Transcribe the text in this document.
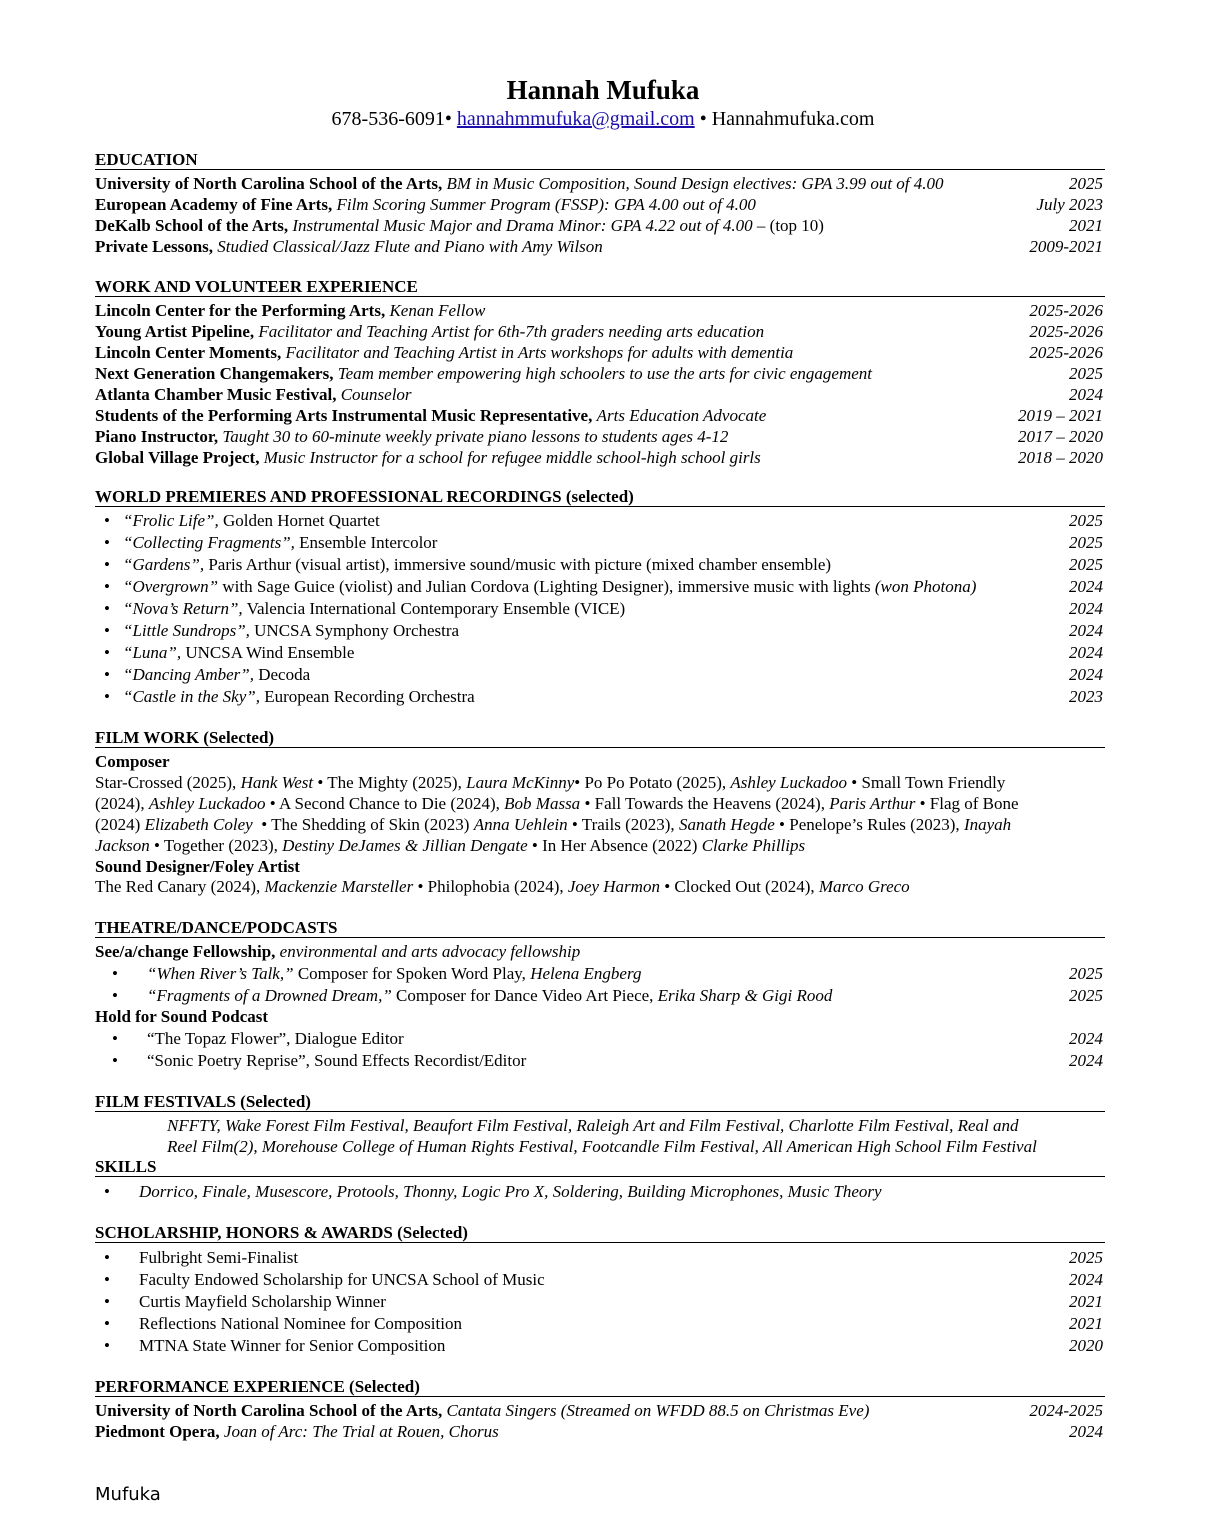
Hannah Mufuka
678-536-6091• hannahmmufuka@gmail.com • Hannahmufuka.com
EDUCATION
University of North Carolina School of the Arts, BM in Music Composition, Sound Design electives: GPA 3.99 out of 4.00	2025
European Academy of Fine Arts, Film Scoring Summer Program (FSSP): GPA 4.00 out of 4.00	July 2023
DeKalb School of the Arts, Instrumental Music Major and Drama Minor: GPA 4.22 out of 4.00 – (top 10)	2021
Private Lessons, Studied Classical/Jazz Flute and Piano with Amy Wilson	2009-2021
WORK AND VOLUNTEER EXPERIENCE
Lincoln Center for the Performing Arts, Kenan Fellow	2025-2026
Young Artist Pipeline, Facilitator and Teaching Artist for 6th-7th graders needing arts education	2025-2026
Lincoln Center Moments, Facilitator and Teaching Artist in Arts workshops for adults with dementia	2025-2026
Next Generation Changemakers, Team member empowering high schoolers to use the arts for civic engagement	2025
Atlanta Chamber Music Festival, Counselor	2024
Students of the Performing Arts Instrumental Music Representative, Arts Education Advocate	2019 – 2021
Piano Instructor, Taught 30 to 60-minute weekly private piano lessons to students ages 4-12	2017 – 2020
Global Village Project, Music Instructor for a school for refugee middle school-high school girls	2018 – 2020
WORLD PREMIERES AND PROFESSIONAL RECORDINGS (selected)
• “Frolic Life”, Golden Hornet Quartet	2025
• “Collecting Fragments”, Ensemble Intercolor	2025
• “Gardens”, Paris Arthur (visual artist), immersive sound/music with picture (mixed chamber ensemble)	2025
• “Overgrown” with Sage Guice (violist) and Julian Cordova (Lighting Designer), immersive music with lights (won Photona)	2024
• “Nova’s Return”, Valencia International Contemporary Ensemble (VICE)	2024
• “Little Sundrops”, UNCSA Symphony Orchestra	2024
• “Luna”, UNCSA Wind Ensemble	2024
• “Dancing Amber”, Decoda	2024
• “Castle in the Sky”, European Recording Orchestra	2023
FILM WORK (Selected)
Composer
Star-Crossed (2025), Hank West • The Mighty (2025), Laura McKinny• Po Po Potato (2025), Ashley Luckadoo • Small Town Friendly
(2024), Ashley Luckadoo • A Second Chance to Die (2024), Bob Massa • Fall Towards the Heavens (2024), Paris Arthur • Flag of Bone
(2024) Elizabeth Coley • The Shedding of Skin (2023) Anna Uehlein • Trails (2023), Sanath Hegde • Penelope’s Rules (2023), Inayah
Jackson • Together (2023), Destiny DeJames & Jillian Dengate • In Her Absence (2022) Clarke Phillips
Sound Designer/Foley Artist
The Red Canary (2024), Mackenzie Marsteller • Philophobia (2024), Joey Harmon • Clocked Out (2024), Marco Greco
THEATRE/DANCE/PODCASTS
See/a/change Fellowship, environmental and arts advocacy fellowship
• “When River’s Talk,” Composer for Spoken Word Play, Helena Engberg	2025
• “Fragments of a Drowned Dream,” Composer for Dance Video Art Piece, Erika Sharp & Gigi Rood	2025
Hold for Sound Podcast
• “The Topaz Flower”, Dialogue Editor	2024
• “Sonic Poetry Reprise”, Sound Effects Recordist/Editor	2024
FILM FESTIVALS (Selected)
NFFTY, Wake Forest Film Festival, Beaufort Film Festival, Raleigh Art and Film Festival, Charlotte Film Festival, Real and
Reel Film(2), Morehouse College of Human Rights Festival, Footcandle Film Festival, All American High School Film Festival
SKILLS
• Dorrico, Finale, Musescore, Protools, Thonny, Logic Pro X, Soldering, Building Microphones, Music Theory
SCHOLARSHIP, HONORS & AWARDS (Selected)
• Fulbright Semi-Finalist	2025
• Faculty Endowed Scholarship for UNCSA School of Music	2024
• Curtis Mayfield Scholarship Winner	2021
• Reflections National Nominee for Composition	2021
• MTNA State Winner for Senior Composition	2020
PERFORMANCE EXPERIENCE (Selected)
University of North Carolina School of the Arts, Cantata Singers (Streamed on WFDD 88.5 on Christmas Eve)	2024-2025
Piedmont Opera, Joan of Arc: The Trial at Rouen, Chorus	2024
Mufuka
